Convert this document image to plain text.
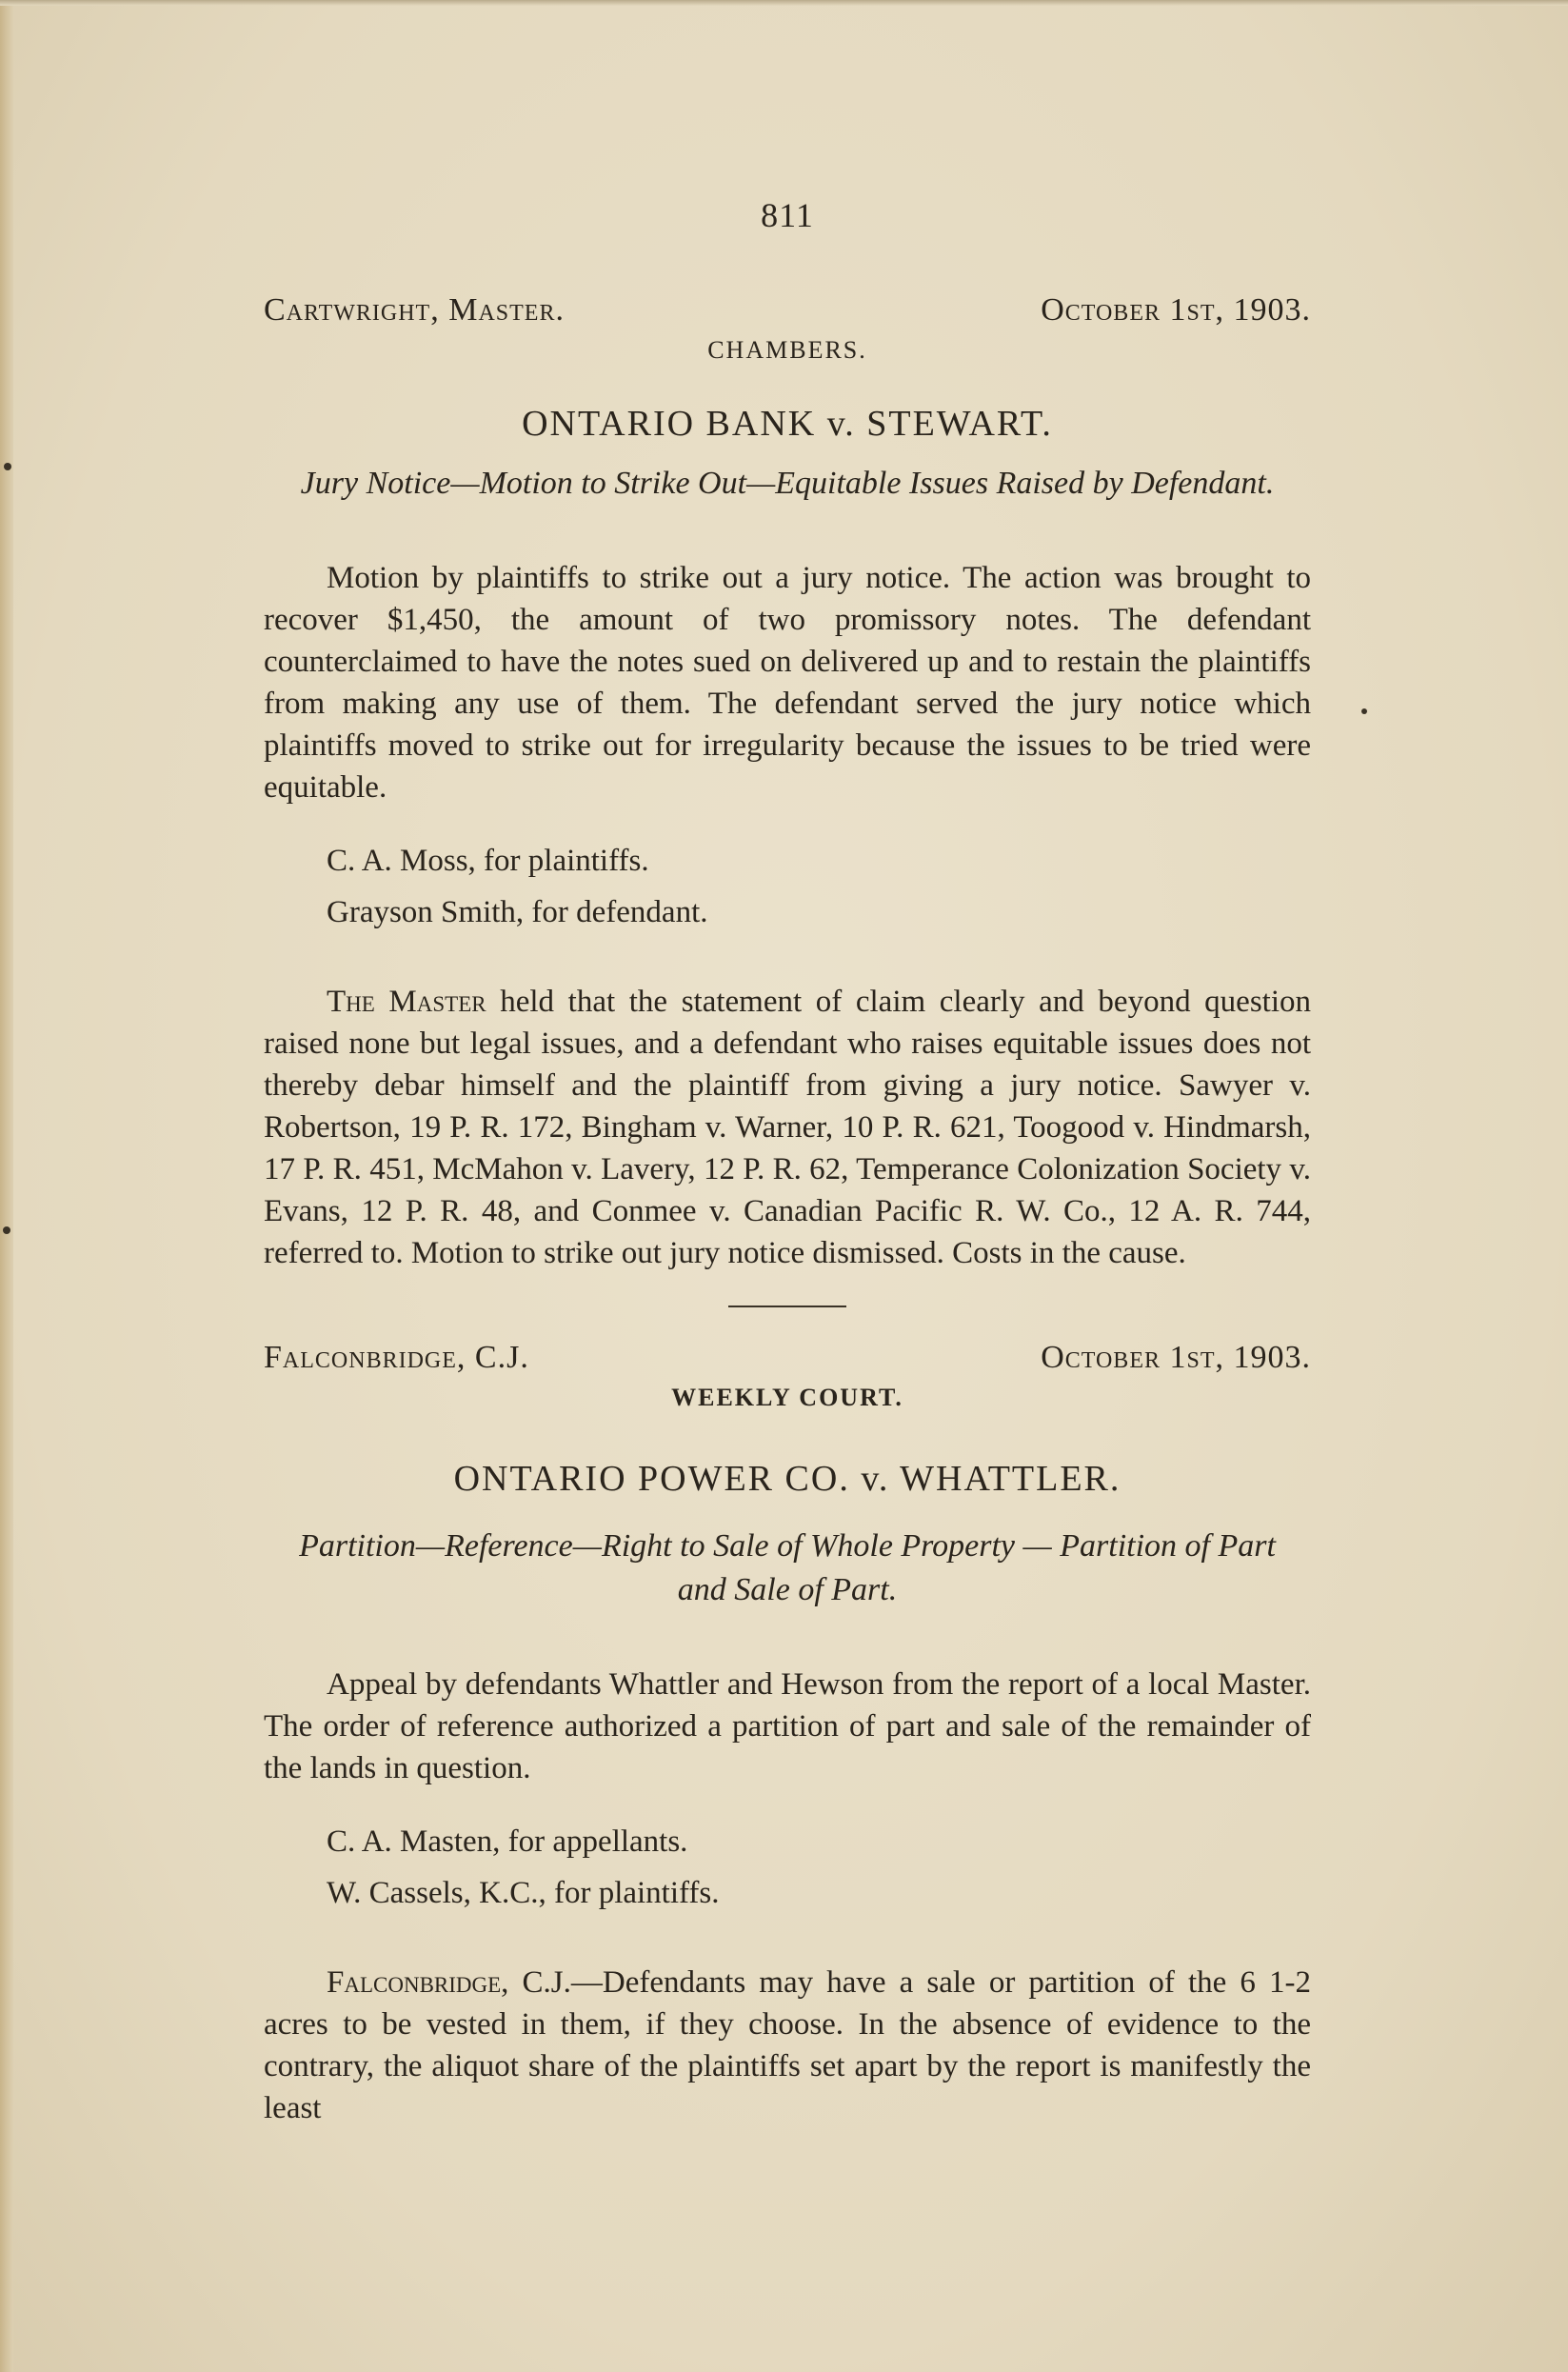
811
Cartwright, Master.	October 1st, 1903.
CHAMBERS.
ONTARIO BANK v. STEWART.
Jury Notice—Motion to Strike Out—Equitable Issues Raised by Defendant.

Motion by plaintiffs to strike out a jury notice. The action was brought to recover $1,450, the amount of two promissory notes. The defendant counterclaimed to have the notes sued on delivered up and to restain the plaintiffs from making any use of them. The defendant served the jury notice which plaintiffs moved to strike out for irregularity because the issues to be tried were equitable.

C. A. Moss, for plaintiffs.
Grayson Smith, for defendant.

The Master held that the statement of claim clearly and beyond question raised none but legal issues, and a defendant who raises equitable issues does not thereby debar himself and the plaintiff from giving a jury notice. Sawyer v. Robertson, 19 P. R. 172, Bingham v. Warner, 10 P. R. 621, Toogood v. Hindmarsh, 17 P. R. 451, McMahon v. Lavery, 12 P. R. 62, Temperance Colonization Society v. Evans, 12 P. R. 48, and Conmee v. Canadian Pacific R. W. Co., 12 A. R. 744, referred to. Motion to strike out jury notice dismissed. Costs in the cause.

Falconbridge, C.J.	October 1st, 1903.
WEEKLY COURT.
ONTARIO POWER CO. v. WHATTLER.
Partition—Reference—Right to Sale of Whole Property — Partition of Part and Sale of Part.

Appeal by defendants Whattler and Hewson from the report of a local Master. The order of reference authorized a partition of part and sale of the remainder of the lands in question.

C. A. Masten, for appellants.
W. Cassels, K.C., for plaintiffs.

Falconbridge, C.J.—Defendants may have a sale or partition of the 6 1-2 acres to be vested in them, if they choose. In the absence of evidence to the contrary, the aliquot share of the plaintiffs set apart by the report is manifestly the least
